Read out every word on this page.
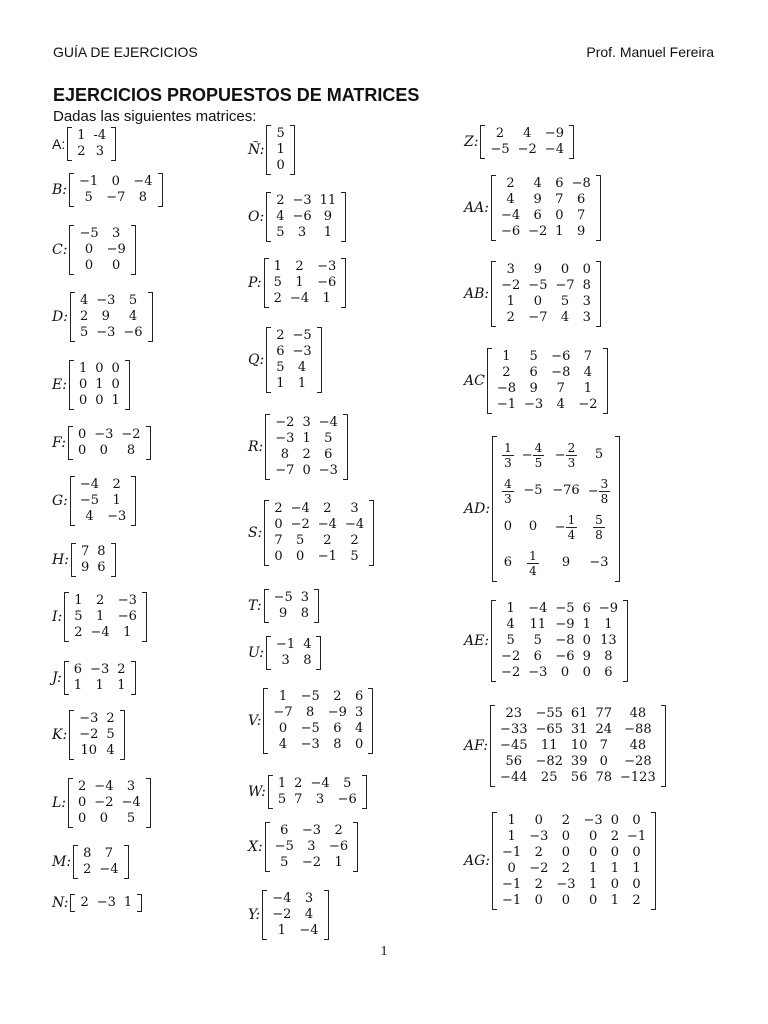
GUÍA DE EJERCICIOS	Prof. Manuel Fereira
EJERCICIOS PROPUESTOS DE MATRICES
Dadas las siguientes matrices:
A:
1	-4
2	3
B:
−1	0	−4
5	−7	8
C:
−5	3
0	−9
0	0
D:
4	−3	5
2	9	4
5	−3	−6
E:
1	0	0
0	1	0
0	0	1
F:
0	−3	−2
0	0	8
G:
−4	2
−5	1
4	−3
H:
7	8
9	6
I:
1	2	−3
5	1	−6
2	−4	1
J:
6	−3	2
1	1	1
K:
−3	2
−2	5
10	4
L:
2	−4	3
0	−2	−4
0	0	5
M:
8	7
2	−4
N: 2	−3	1
Ñ:
5
1
0
O:
2	−3	11
4	−6	9
5	3	1
P:
1	2	−3
5	1	−6
2	−4	1
Q:
2	−5
6	−3
5	4
1	1
R:
−2	3	−4
−3	1	5
8	2	6
−7	0	−3
S:
2	−4	2	3
0	−2	−4	−4
7	5	2	2
0	0	−1	5
T:
−5	3
9	8
U:
−1	4
3	8
V:
1	−5	2	6
−7	8	−9	3
0	−5	6	4
4	−3	8	0
W:
1	2	−4	5
5	7	3	−6
X:
6	−3	2
−5	3	−6
5	−2	1
Y:
−4	3
−2	4
1	−4
Z:
2	4	−9
−5	−2	−4
AA:
2	4	6	−8
4	9	7	6
−4	6	0	7
−6	−2	1	9
AB:
3	9	0	0
−2	−5	−7	8
1	0	5	3
2	−7	4	3
AC
1	5	−6	7
2	6	−8	4
−8	9	7	1
−1	−3	4	−2
AD:
$\frac{1}{3}$	− $\frac{4}{5}$	− $\frac{2}{3}$	5

$\frac{4}{3}$	−5	−76	− $\frac{3}{8}$

0	0	− $\frac{1}{4}$	$\frac{5}{8}$

6	$\frac{1}{4}$	9	−3
AE:
1	−4	−5	6	−9
4	11	−9	1	1
5	5	−8	0	13
−2	6	−6	9	8
−2	−3	0	0	6
AF:
23	−55	61	77	48
−33	−65	31	24	−88
−45	11	10	7	48
56	−82	39	0	−28
−44	25	56	78	−123
AG:
1	0	2	−3	0	0
1	−3	0	0	2	−1
−1	2	0	0	0	0
0	−2	2	1	1	1
−1	2	−3	1	0	0
−1	0	0	0	1	2
1
